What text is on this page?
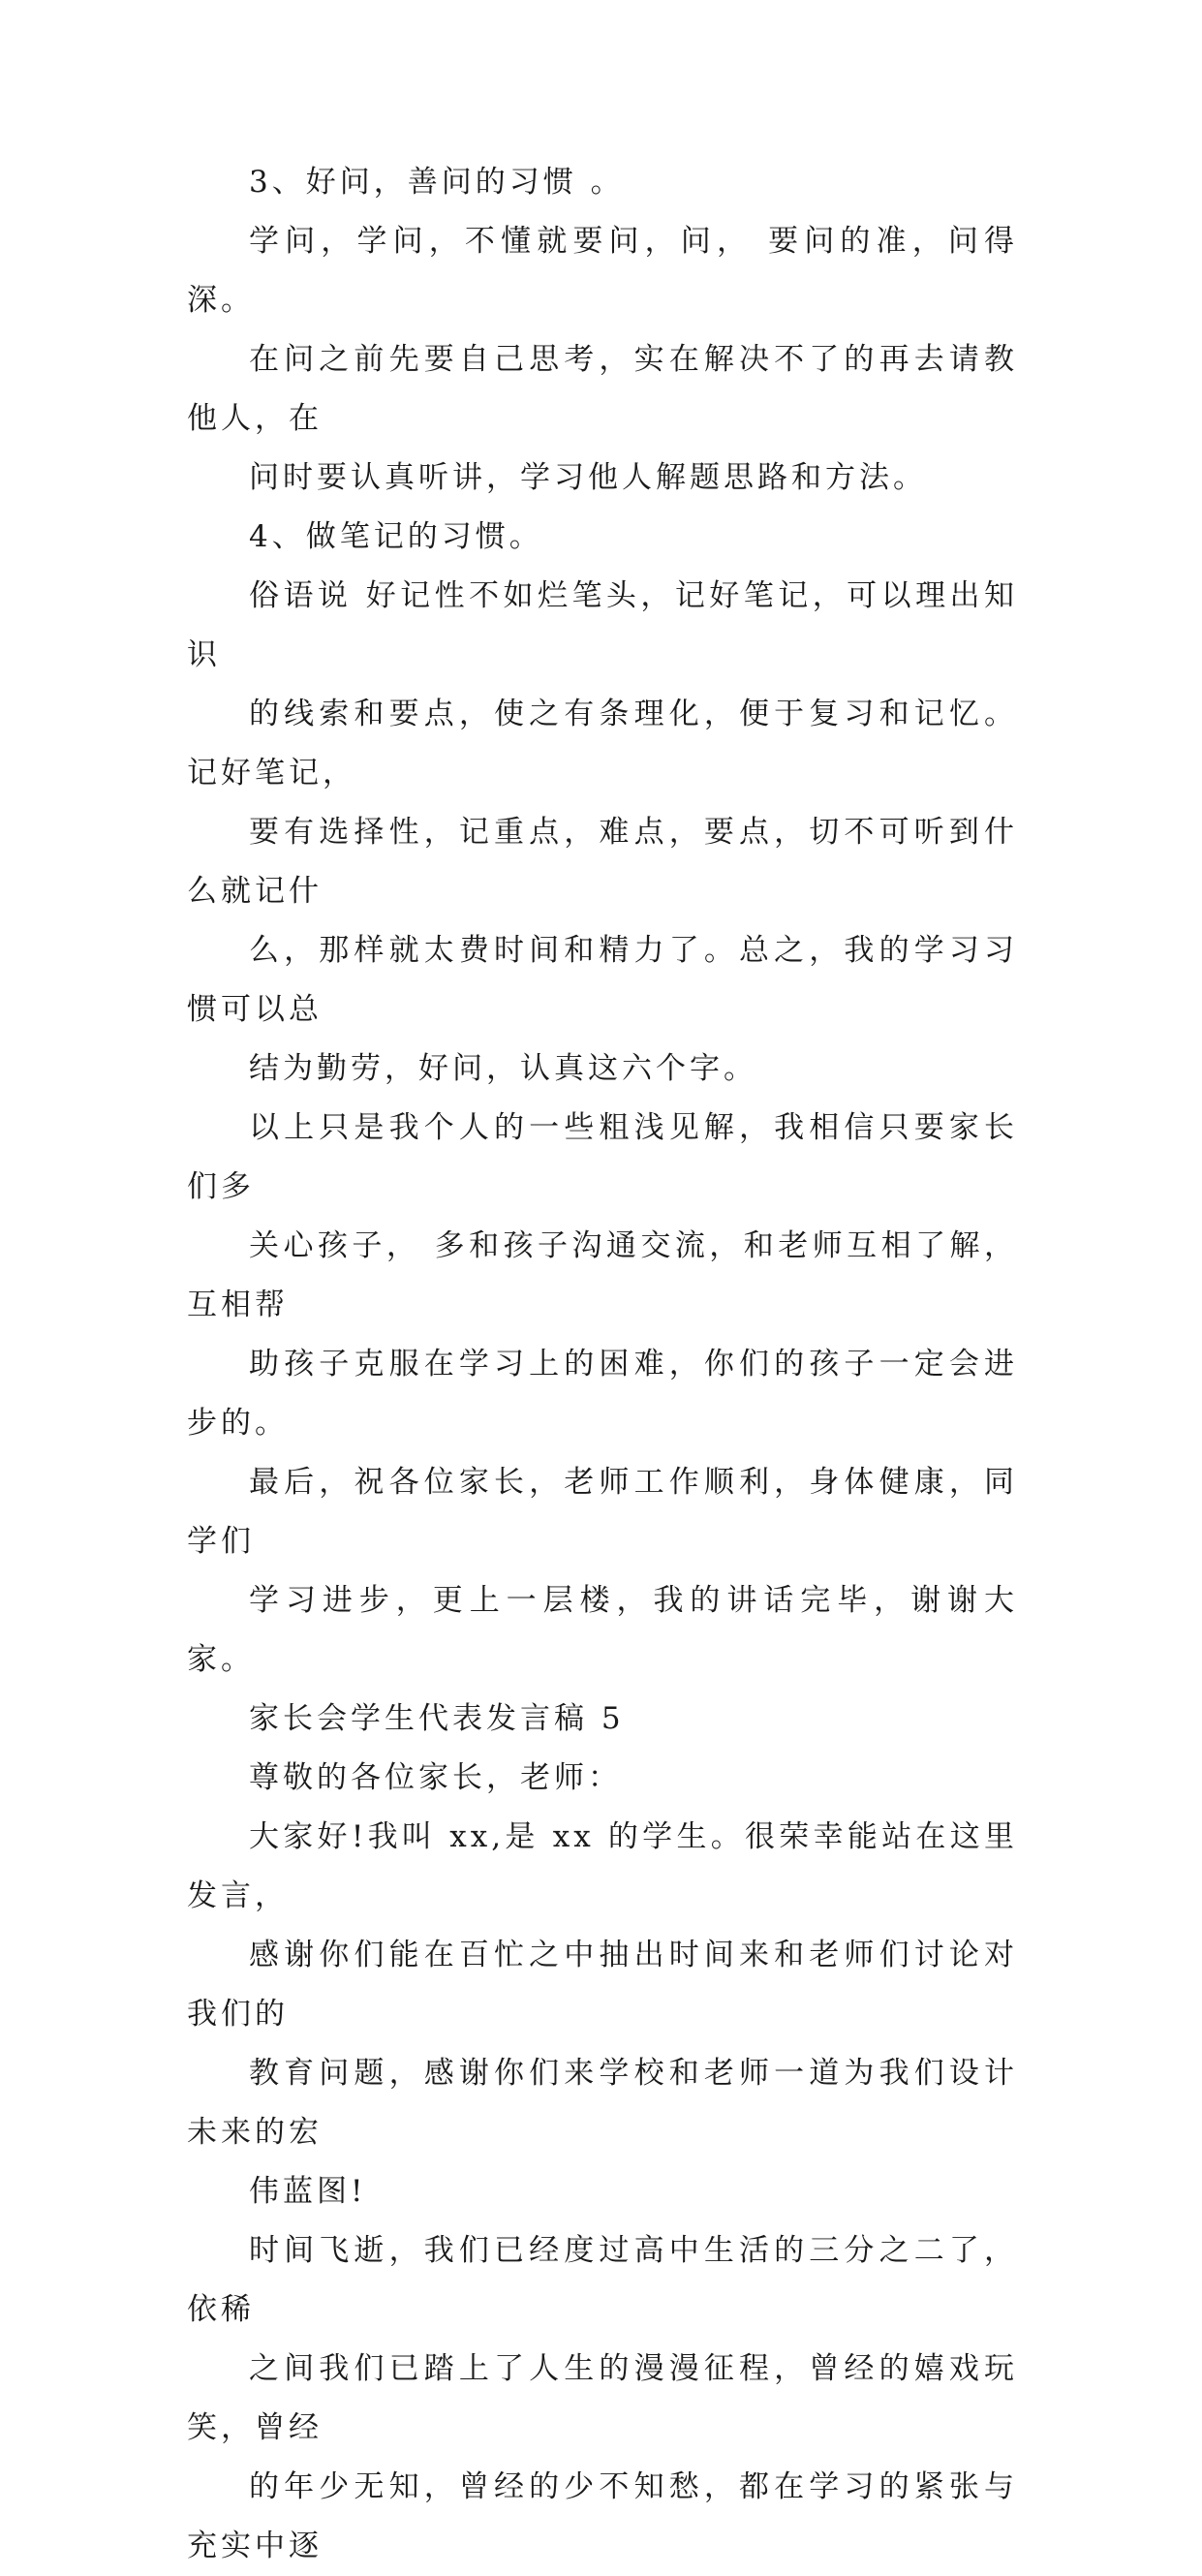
3、好问，善问的习惯 。

学问，学问，不懂就要问，问， 要问的准，问得深。
在问之前先要自己思考，实在解决不了的再去请教他人，在
问时要认真听讲，学习他人解题思路和方法。

4、做笔记的习惯。

俗语说 好记性不如烂笔头，记好笔记，可以理出知识
的线索和要点，使之有条理化，便于复习和记忆。记好笔记，
要有选择性，记重点，难点，要点，切不可听到什么就记什
么，那样就太费时间和精力了。总之，我的学习习惯可以总
结为勤劳，好问，认真这六个字。

以上只是我个人的一些粗浅见解，我相信只要家长们多
关心孩子， 多和孩子沟通交流，和老师互相了解，互相帮
助孩子克服在学习上的困难，你们的孩子一定会进步的。

最后，祝各位家长，老师工作顺利，身体健康，同学们
学习进步，更上一层楼，我的讲话完毕，谢谢大家。

家长会学生代表发言稿 5

尊敬的各位家长，老师：

大家好!我叫 xx,是 xx 的学生。很荣幸能站在这里发言，
感谢你们能在百忙之中抽出时间来和老师们讨论对我们的
教育问题，感谢你们来学校和老师一道为我们设计未来的宏
伟蓝图!

时间飞逝，我们已经度过高中生活的三分之二了，依稀
之间我们已踏上了人生的漫漫征程，曾经的嬉戏玩笑，曾经
的年少无知，曾经的少不知愁，都在学习的紧张与充实中逐
